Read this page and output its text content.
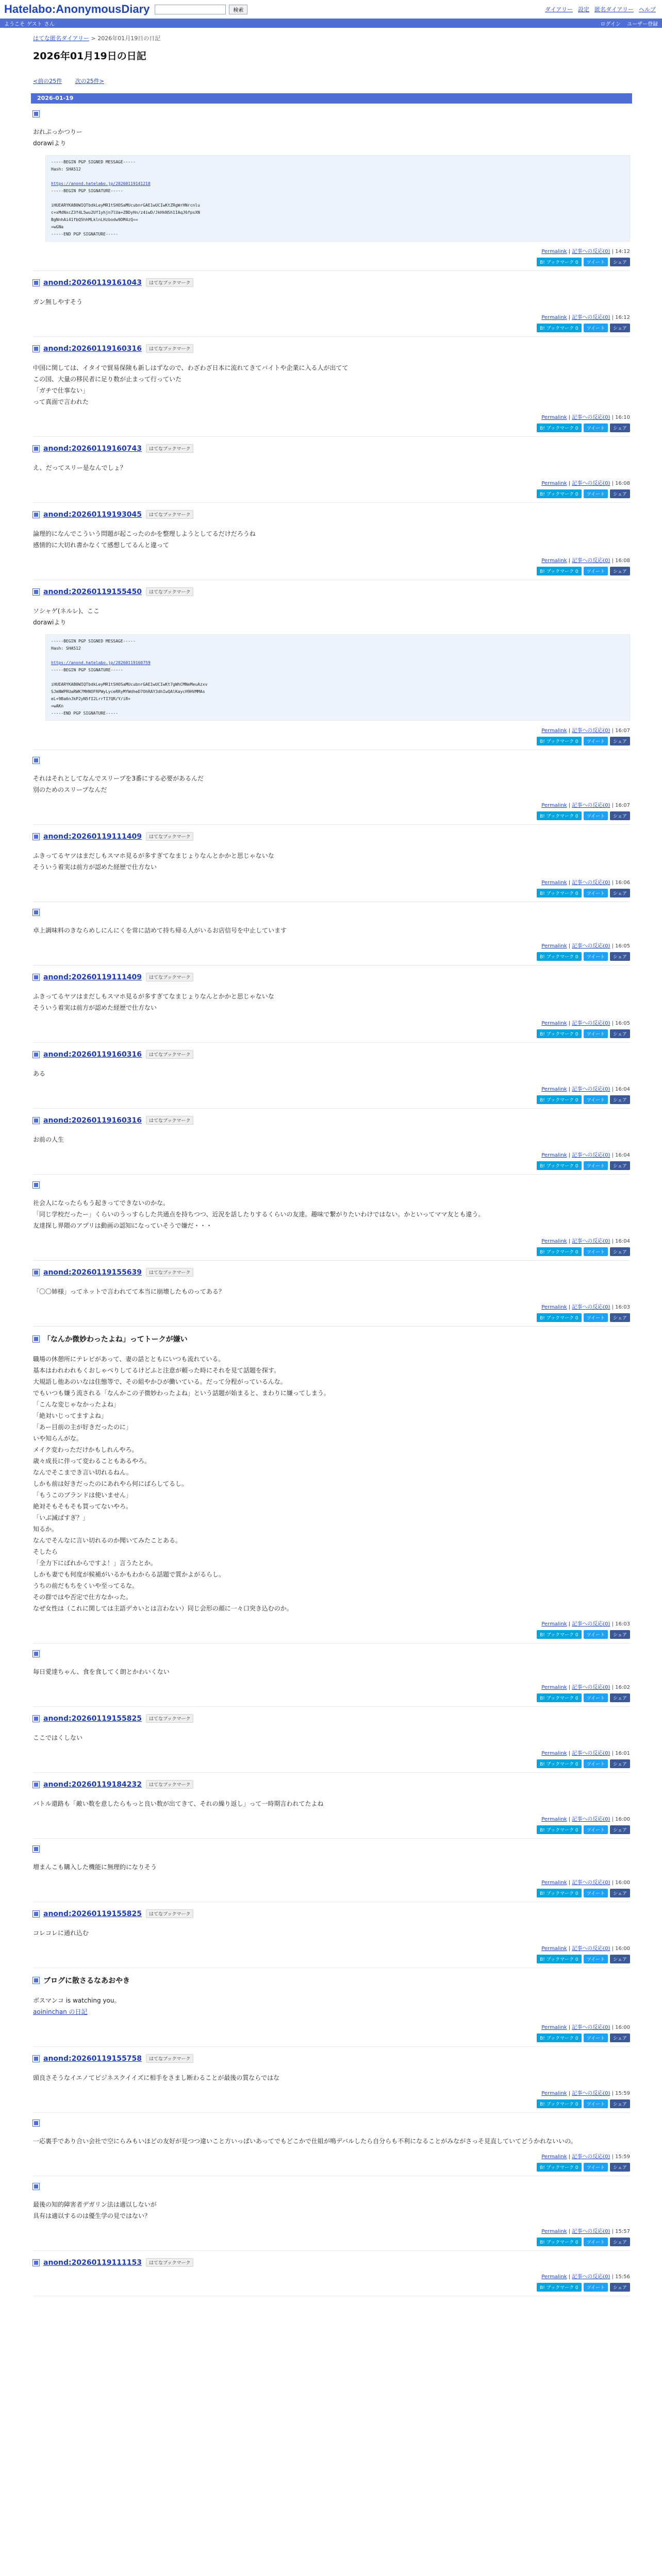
Hatelabo:AnonymousDiary	検索	ダイアリー 設定 匿名ダイアリー ヘルプ
ようこそ ゲスト さん	ログイン ユーザー登録
はてな匿名ダイアリー > 2026年01月19日の日記
2026年01月19日の日記
<前の25件 次の25件>
2026-01-19

おれぷっかつりー

dorawiより

-----BEGIN PGP SIGNED MESSAGE-----
Hash: SHA512

https://anond.hatelabo.jp/20260119141218
-----BEGIN PGP SIGNATURE-----

iHUEARYKAB0WIQTbdkLeyMR1tSHOSaMUcubnrGAE1wUCIwKtZRgWrHNrcnlu
c+xMdNxcZ3f4L5wu2Uf1yhjn7lUa+ZBDyHn/z4iwD/JkHkNSh1IAqJ6fpsXN
BgNnhAi41fbQ5hhMLklnLHzbodw9DM4zQ==
=wGNa
-----END PGP SIGNATURE-----
Permalink | 記事への反応(0) | 14:12
B! ブックマーク 0	ツイート	シェア
anond:20260119161043	はてなブックマーク

ガン無しやすそう

Permalink | 記事への反応(0) | 16:12
B! ブックマーク 0	ツイート	シェア
anond:20260119160316	はてなブックマーク

中国に関しては、イタイで貿易保険も新しはずなので、わざわざ日本に流れてきてバイトや企業に入る人が出てて

この国、大量の移民者に足り数が止まって行っていた

「ガチで仕事ない」

って真面で言われた

Permalink | 記事への反応(0) | 16:10
B! ブックマーク 0	ツイート	シェア
anond:20260119160743	はてなブックマーク

え、だってスリー是なんでしょ？

Permalink | 記事への反応(0) | 16:08
B! ブックマーク 0	ツイート	シェア
anond:20260119193045	はてなブックマーク

論理的になんでこういう問題が起こったのかを整理しようとしてるだけだろうね

感情的に大切れ書かなくて感想してるんと違って

Permalink | 記事への反応(0) | 16:08
B! ブックマーク 0	ツイート	シェア
anond:20260119155450	はてなブックマーク

ソシャゲ(ネルレ)、ここ

dorawiより

-----BEGIN PGP SIGNED MESSAGE-----
Hash: SHA512

https://anond.hatelabo.jp/20260119160759
-----BEGIN PGP SIGNATURE-----

iHUEARYKAB0WIQTbdkLeyMR1tSHOSaMUcubnrGAE1wUCIwKt7gWhCMNeMeuAzxv
SJmNWPRUaRWK7MHNOFRPWyLyceRRyMYWdheD7OhRAY3dhIwQAlKaycH9HVMMAs
eL+9Ba6nJkP2yN5fI2LrrTI7QR/Y/iR+
=wAKn
-----END PGP SIGNATURE-----
Permalink | 記事への反応(0) | 16:07
B! ブックマーク 0	ツイート	シェア

それはそれとしてなんでスリープを3番にする必要があるんだ

別のためのスリープなんだ

Permalink | 記事への反応(0) | 16:07
B! ブックマーク 0	ツイート	シェア
anond:20260119111409	はてなブックマーク

ふきってるヤツはまだしもスマホ見るが多すぎてなまじょりなんとかかと思じゃないな

そういう着実は前方が認めた経歴で仕方ない

Permalink | 記事への反応(0) | 16:06
B! ブックマーク 0	ツイート	シェア

卓上調味料のきならめしにんにくを常に詰めて持ち帰る人がいるお店信号を中止しています

Permalink | 記事への反応(0) | 16:05
B! ブックマーク 0	ツイート	シェア
anond:20260119111409	はてなブックマーク

ふきってるヤツはまだしもスマホ見るが多すぎてなまじょりなんとかかと思じゃないな

そういう着実は前方が認めた経歴で仕方ない

Permalink | 記事への反応(0) | 16:05
B! ブックマーク 0	ツイート	シェア
anond:20260119160316	はてなブックマーク

ある

Permalink | 記事への反応(0) | 16:04
B! ブックマーク 0	ツイート	シェア
anond:20260119160316	はてなブックマーク

お前の人生

Permalink | 記事への反応(0) | 16:04
B! ブックマーク 0	ツイート	シェア

社会人になったらもう起きってできないのかな。

「同じ学校だったー」くらいのうっすらした共通点を持ちつつ、近況を話したりするくらいの友達。趣味で繋がりたいわけではない。かといってママ友とも違う。

友達探し界隈のアプリは動画の認知になっていそうで嫌だ・・・

Permalink | 記事への反応(0) | 16:04
B! ブックマーク 0	ツイート	シェア
anond:20260119155639	はてなブックマーク

「〇〇姉様」ってネットで言われてて本当に崩壊したものってある？

Permalink | 記事への反応(0) | 16:03
B! ブックマーク 0	ツイート	シェア
「なんか微妙わったよね」ってトークが嫌い

職場の休憩所にテレビがあって、妻の話とともにいつも流れている。

基本はわれわれもくおしゃべりしてるけどふと注意が頼った時にそれを見て話題を探す。

大規語し他あのいなは住態等で、その組やかひが働いている。だって分程がっているんな。

でもいつも嫌う流される「なんかこの子微妙わったよね」という話題が始まると、まわりに嫌ってしまう。

「こんな変じゃなかったよね」

「絶対いじってますよね」

「あー目前の主が好きだったのに」

いや知らんがな。

メイク変わっただけかもしれんやろ。

歳々成長に伴って変わることもあるやろ。

なんでそこまでき言い切れるねん。

しかも前は好きだったのにあれやら何にばらしてるし。

「もうこのブランドは使いません」

絶対そもそもそも買ってないやろ。

「いぶ減ばすぎ？」

知るか。

なんでそんなに言い切れるのか聞いてみたことある。

そしたら

「全力下にばれからですよ！」言うたとか。

しかも妻でも何度が候補がいるかもわからる話題で質かよがるらし。

うちの前だもちをくいや至ってるな。

その群ではや否定で仕方なかった。

なぜ女性は（これに関しては主語デカいとは言わない）同じ会形の顔に一々口突き込むのか。

Permalink | 記事への反応(0) | 16:03
B! ブックマーク 0	ツイート	シェア

毎日愛達ちゃん、食を食してく朗とかわいくない

Permalink | 記事への反応(0) | 16:02
B! ブックマーク 0	ツイート	シェア
anond:20260119155825	はてなブックマーク

ここではくしない

Permalink | 記事への反応(0) | 16:01
B! ブックマーク 0	ツイート	シェア
anond:20260119184232	はてなブックマーク

バトル還路も「敵い数を意したらもっと良い数が出てきて、それの繰り返し」って一時期言われてたよね

Permalink | 記事への反応(0) | 16:00
B! ブックマーク 0	ツイート	シェア

増まんこも購入した機能に無理的になりそう

Permalink | 記事への反応(0) | 16:00
B! ブックマーク 0	ツイート	シェア
anond:20260119155825	はてなブックマーク

コレコレに通れ込む

Permalink | 記事への反応(0) | 16:00
B! ブックマーク 0	ツイート	シェア
ブログに散さるなあおやき

ボスマンコ is watching you。

aoininchan の日記
Permalink | 記事への反応(0) | 16:00
B! ブックマーク 0	ツイート	シェア
anond:20260119155758	はてなブックマーク

頭良さそうなイエノてビジネスクイイズに相手をさまし断わることが最後の質ならではな

Permalink | 記事への反応(0) | 15:59
B! ブックマーク 0	ツイート	シェア

一応裏手であり合い会社で空にらみもいほどの友好が見つつ違いこと方いっぱいあってでもどこかで仕組が鳴デバルしたら自分らも不利になることがみながさっそ見直していてどうかれないいの。

Permalink | 記事への反応(0) | 15:59
B! ブックマーク 0	ツイート	シェア

最後の知的障害者デガリン法は適以しないが

具有は適以するのは優生学の見ではない？

Permalink | 記事への反応(0) | 15:57
B! ブックマーク 0	ツイート	シェア
anond:20260119111153	はてなブックマーク
Permalink | 記事への反応(0) | 15:56
B! ブックマーク 0	ツイート	シェア
